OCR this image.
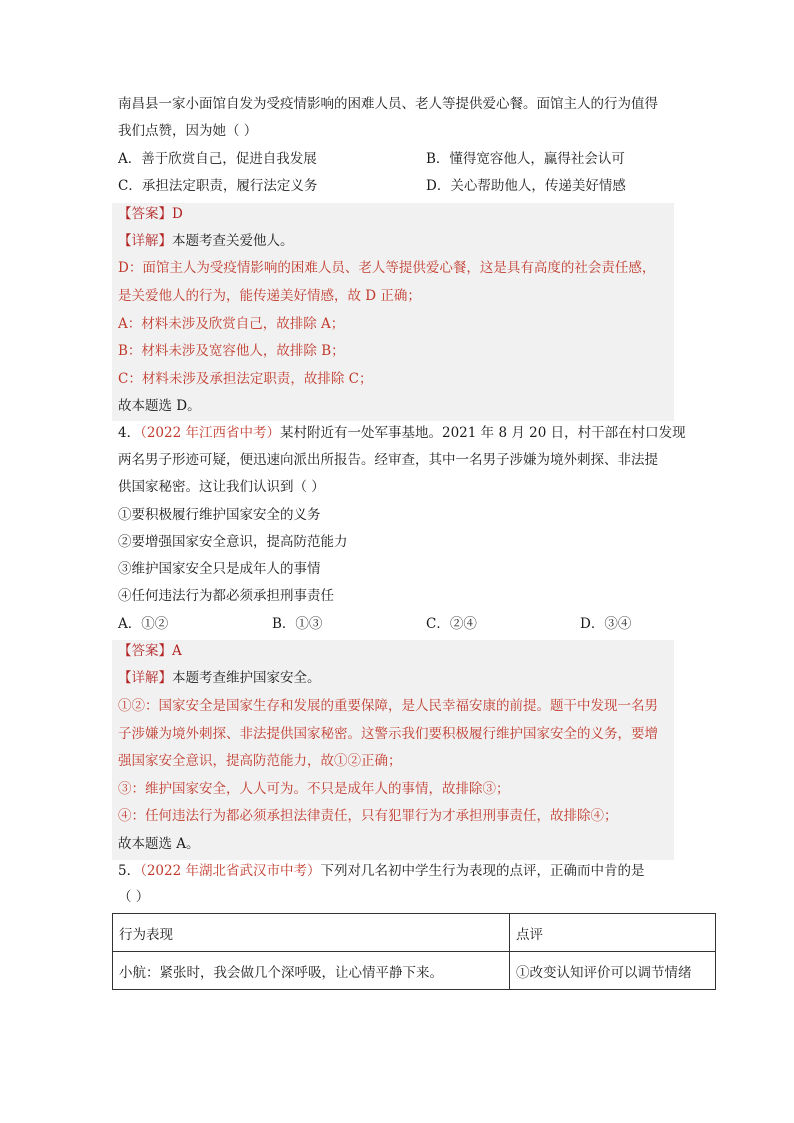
南昌县一家小面馆自发为受疫情影响的困难人员、老人等提供爱心餐。面馆主人的行为值得
我们点赞，因为她（ ）
A．善于欣赏自己，促进自我发展	B．懂得宽容他人，赢得社会认可
C．承担法定职责，履行法定义务	D．关心帮助他人，传递美好情感
【答案】D
【详解】本题考查关爱他人。
D：面馆主人为受疫情影响的困难人员、老人等提供爱心餐，这是具有高度的社会责任感，
是关爱他人的行为，能传递美好情感，故 D 正确；
A：材料未涉及欣赏自己，故排除 A；
B：材料未涉及宽容他人，故排除 B；
C：材料未涉及承担法定职责，故排除 C；
故本题选 D。
4．（2022 年江西省中考）某村附近有一处军事基地。2021 年 8 月 20 日，村干部在村口发现
两名男子形迹可疑，便迅速向派出所报告。经审查，其中一名男子涉嫌为境外刺探、非法提
供国家秘密。这让我们认识到（ ）
①要积极履行维护国家安全的义务
②要增强国家安全意识，提高防范能力
③维护国家安全只是成年人的事情
④任何违法行为都必须承担刑事责任
A．①②	B．①③	C．②④	D．③④
【答案】A
【详解】本题考查维护国家安全。
①②：国家安全是国家生存和发展的重要保障，是人民幸福安康的前提。题干中发现一名男
子涉嫌为境外刺探、非法提供国家秘密。这警示我们要积极履行维护国家安全的义务，要增
强国家安全意识，提高防范能力，故①②正确；
③：维护国家安全，人人可为。不只是成年人的事情，故排除③；
④：任何违法行为都必须承担法律责任，只有犯罪行为才承担刑事责任，故排除④；
故本题选 A。
5．（2022 年湖北省武汉市中考）下列对几名初中学生行为表现的点评，正确而中肯的是
（ ）
行为表现	点评
小航：紧张时，我会做几个深呼吸，让心情平静下来。	①改变认知评价可以调节情绪
